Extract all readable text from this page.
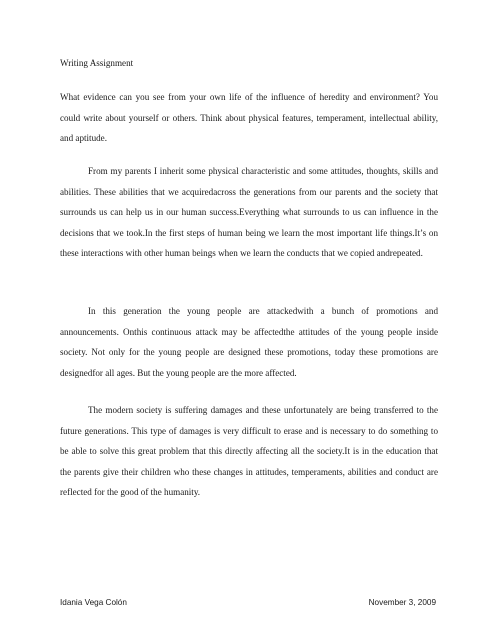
Writing Assignment
What evidence can you see from your own life of the influence of heredity and environment? You could write about yourself or others. Think about physical features, temperament, intellectual ability, and aptitude.
From my parents I inherit some physical characteristic and some attitudes, thoughts, skills and abilities. These abilities that we acquiredacross the generations from our parents and the society that surrounds us can help us in our human success.Everything what surrounds to us can influence in the decisions that we took.In the first steps of human being we learn the most important life things.It’s on these interactions with other human beings when we learn the conducts that we copied andrepeated.
In this generation the young people are attackedwith a bunch of promotions and announcements. Onthis continuous attack may be affectedthe attitudes of the young people inside society. Not only for the young people are designed these promotions, today these promotions are designedfor all ages. But the young people are the more affected.
The modern society is suffering damages and these unfortunately are being transferred to the future generations. This type of damages is very difficult to erase and is necessary to do something to be able to solve this great problem that this directly affecting all the society.It is in the education that the parents give their children who these changes in attitudes, temperaments, abilities and conduct are reflected for the good of the humanity.
Idania Vega Colón	November 3, 2009
